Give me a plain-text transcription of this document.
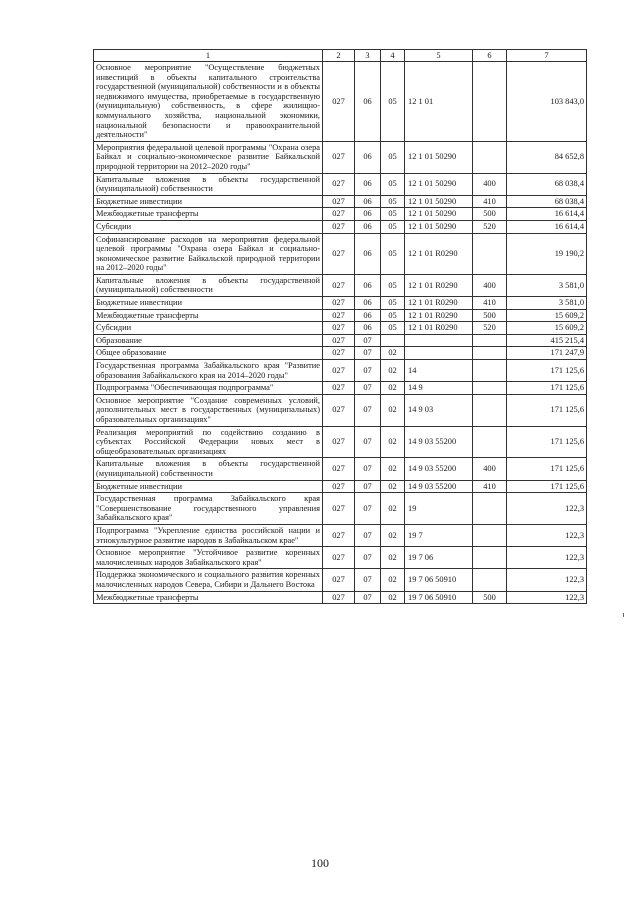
1	2	3	4	5	6	7
Основное мероприятие "Осуществление бюджетных инвестиций в объекты капитального строительства государственной (муниципальной) собственности и в объекты недвижимого имущества, приобретаемые в государственную (муниципальную) собственность, в сфере жилищно-коммунального хозяйства, национальной экономики, национальной безопасности и правоохранительной деятельности"	027	06	05	12 1 01		103 843,0
Мероприятия федеральной целевой программы "Охрана озера Байкал и социально-экономическое развитие Байкальской природной территории на 2012–2020 годы"	027	06	05	12 1 01 50290		84 652,8
Капитальные вложения в объекты государственной (муниципальной) собственности	027	06	05	12 1 01 50290	400	68 038,4
Бюджетные инвестиции	027	06	05	12 1 01 50290	410	68 038,4
Межбюджетные трансферты	027	06	05	12 1 01 50290	500	16 614,4
Субсидии	027	06	05	12 1 01 50290	520	16 614,4
Софинансирование расходов на мероприятия федеральной целевой программы "Охрана озера Байкал и социально-экономическое развитие Байкальской природной территории на 2012–2020 годы"	027	06	05	12 1 01 R0290		19 190,2
Капитальные вложения в объекты государственной (муниципальной) собственности	027	06	05	12 1 01 R0290	400	3 581,0
Бюджетные инвестиции	027	06	05	12 1 01 R0290	410	3 581,0
Межбюджетные трансферты	027	06	05	12 1 01 R0290	500	15 609,2
Субсидии	027	06	05	12 1 01 R0290	520	15 609,2
Образование	027	07				415 215,4
Общее образование	027	07	02			171 247,9
Государственная программа Забайкальского края "Развитие образования Забайкальского края на 2014–2020 годы"	027	07	02	14		171 125,6
Подпрограмма "Обеспечивающая подпрограмма"	027	07	02	14 9		171 125,6
Основное мероприятие "Создание современных условий, дополнительных мест в государственных (муниципальных) образовательных организациях"	027	07	02	14 9 03		171 125,6
Реализация мероприятий по содействию созданию в субъектах Российской Федерации новых мест в общеобразовательных организациях	027	07	02	14 9 03 55200		171 125,6
Капитальные вложения в объекты государственной (муниципальной) собственности	027	07	02	14 9 03 55200	400	171 125,6
Бюджетные инвестиции	027	07	02	14 9 03 55200	410	171 125,6
Государственная программа Забайкальского края "Совершенствование государственного управления Забайкальского края"	027	07	02	19		122,3
Подпрограмма "Укрепление единства российской нации и этнокультурное развитие народов в Забайкальском крае"	027	07	02	19 7		122,3
Основное мероприятие "Устойчивое развитие коренных малочисленных народов Забайкальского края"	027	07	02	19 7 06		122,3
Поддержка экономического и социального развития коренных малочисленных народов Севера, Сибири и Дальнего Востока	027	07	02	19 7 06 50910		122,3
Межбюджетные трансферты	027	07	02	19 7 06 50910	500	122,3
100
